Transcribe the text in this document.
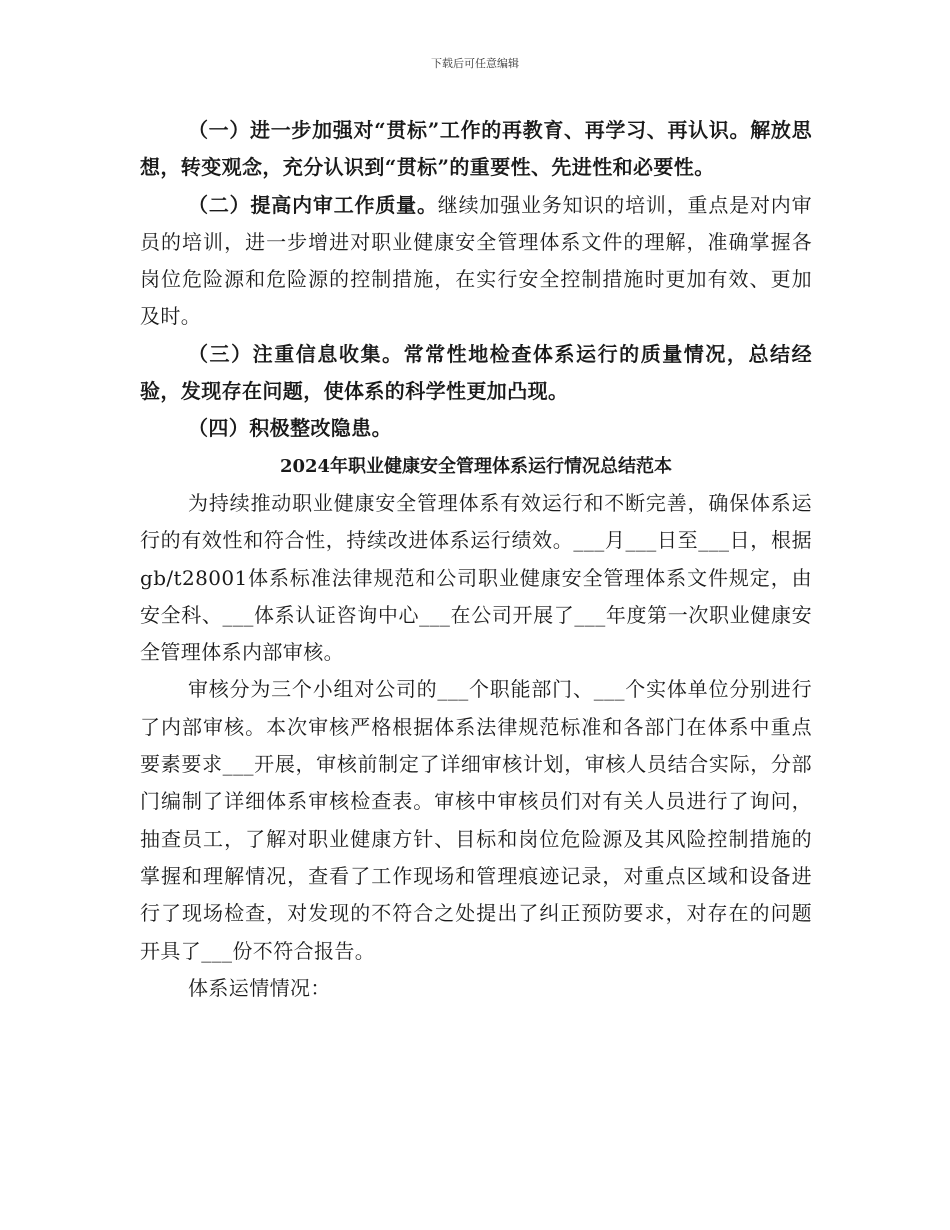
下载后可任意编辑

（一）进一步加强对“贯标”工作的再教育、再学习、再认识。解放思想，转变观念，充分认识到“贯标”的重要性、先进性和必要性。

（二）提高内审工作质量。继续加强业务知识的培训，重点是对内审员的培训，进一步增进对职业健康安全管理体系文件的理解，准确掌握各岗位危险源和危险源的控制措施，在实行安全控制措施时更加有效、更加及时。

（三）注重信息收集。常常性地检查体系运行的质量情况，总结经验，发现存在问题，使体系的科学性更加凸现。

（四）积极整改隐患。

2024年职业健康安全管理体系运行情况总结范本

为持续推动职业健康安全管理体系有效运行和不断完善，确保体系运行的有效性和符合性，持续改进体系运行绩效。___月___日至___日，根据gb/t28001体系标准法律规范和公司职业健康安全管理体系文件规定，由安全科、___体系认证咨询中心___在公司开展了___年度第一次职业健康安全管理体系内部审核。

审核分为三个小组对公司的___个职能部门、___个实体单位分别进行了内部审核。本次审核严格根据体系法律规范标准和各部门在体系中重点要素要求___开展，审核前制定了详细审核计划，审核人员结合实际，分部门编制了详细体系审核检查表。审核中审核员们对有关人员进行了询问，抽查员工，了解对职业健康方针、目标和岗位危险源及其风险控制措施的掌握和理解情况，查看了工作现场和管理痕迹记录，对重点区域和设备进行了现场检查，对发现的不符合之处提出了纠正预防要求，对存在的问题开具了___份不符合报告。

体系运情情况：
